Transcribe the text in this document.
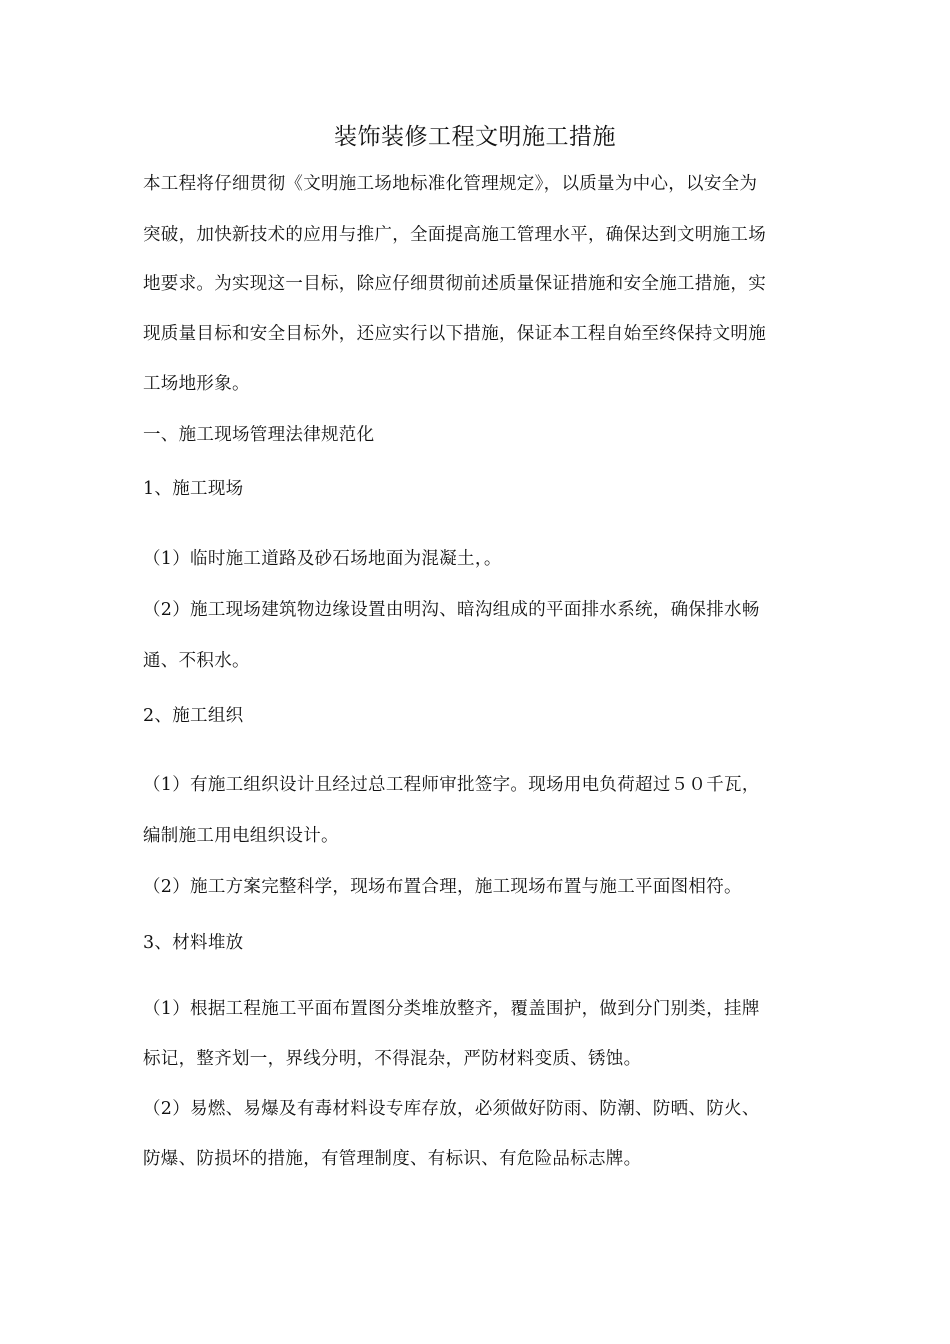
装饰装修工程文明施工措施
本工程将仔细贯彻《文明施工场地标准化管理规定》，以质量为中心，以安全为
突破，加快新技术的应用与推广，全面提高施工管理水平，确保达到文明施工场
地要求。为实现这一目标，除应仔细贯彻前述质量保证措施和安全施工措施，实
现质量目标和安全目标外，还应实行以下措施，保证本工程自始至终保持文明施
工场地形象。
一、施工现场管理法律规范化
1、施工现场
（1）临时施工道路及砂石场地面为混凝土，。
（2）施工现场建筑物边缘设置由明沟、暗沟组成的平面排水系统，确保排水畅
通、不积水。
2、施工组织
（1）有施工组织设计且经过总工程师审批签字。现场用电负荷超过５０千瓦，
编制施工用电组织设计。
（2）施工方案完整科学，现场布置合理，施工现场布置与施工平面图相符。
3、材料堆放
（1）根据工程施工平面布置图分类堆放整齐，覆盖围护，做到分门别类，挂牌
标记，整齐划一，界线分明，不得混杂，严防材料变质、锈蚀。
（2）易燃、易爆及有毒材料设专库存放，必须做好防雨、防潮、防晒、防火、
防爆、防损坏的措施，有管理制度、有标识、有危险品标志牌。
